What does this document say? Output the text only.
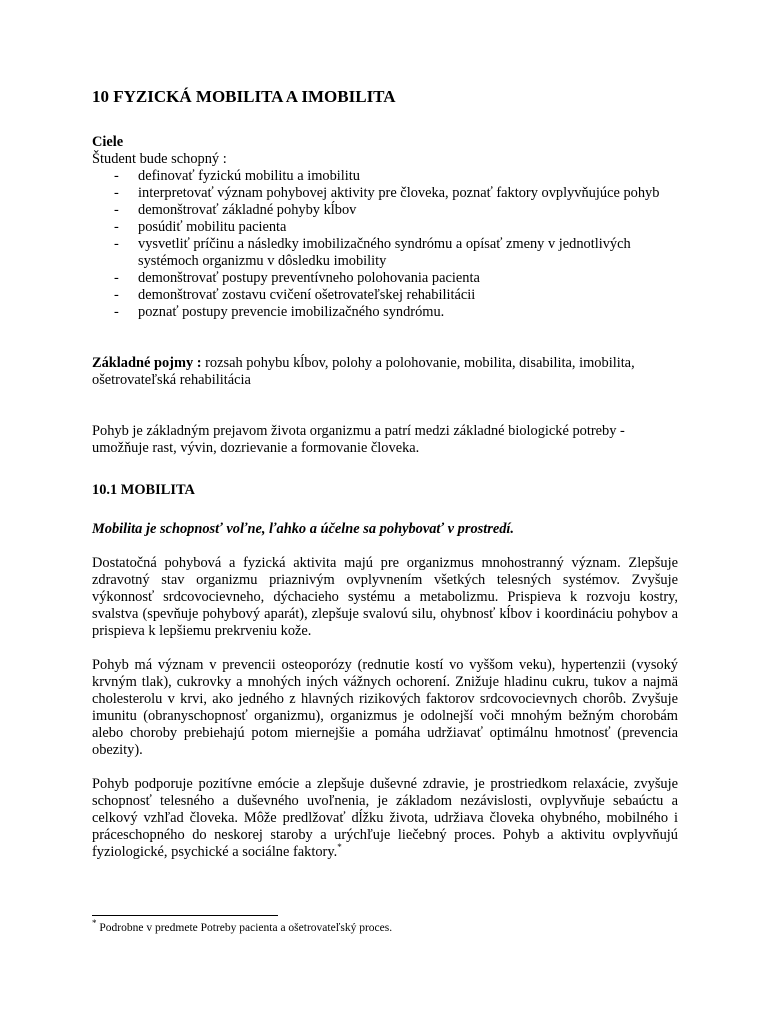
10 FYZICKÁ MOBILITA A IMOBILITA
Ciele
Študent bude schopný :
- definovať fyzickú mobilitu a imobilitu
- interpretovať význam pohybovej aktivity pre človeka, poznať faktory ovplyvňujúce pohyb
- demonštrovať základné pohyby kĺbov
- posúdiť mobilitu pacienta
- vysvetliť príčinu a následky imobilizačného syndrómu a opísať zmeny v jednotlivých systémoch organizmu v dôsledku imobility
- demonštrovať postupy preventívneho polohovania pacienta
- demonštrovať zostavu cvičení ošetrovateľskej rehabilitácii
- poznať postupy prevencie imobilizačného syndrómu.

Základné pojmy : rozsah pohybu kĺbov, polohy a polohovanie, mobilita, disabilita, imobilita, ošetrovateľská rehabilitácia

Pohyb je základným prejavom života organizmu a patrí medzi základné biologické potreby - umožňuje rast, vývin, dozrievanie a formovanie človeka.

10.1 MOBILITA

Mobilita je schopnosť voľne, ľahko a účelne sa pohybovať v prostredí.

Dostatočná pohybová a fyzická aktivita majú pre organizmus mnohostranný význam. Zlepšuje zdravotný stav organizmu priaznivým ovplyvnením všetkých telesných systémov. Zvyšuje výkonnosť srdcovocievneho, dýchacieho systému a metabolizmu. Prispieva k rozvoju kostry, svalstva (spevňuje pohybový aparát), zlepšuje svalovú silu, ohybnosť kĺbov i koordináciu pohybov a prispieva k lepšiemu prekrveniu kože.

Pohyb má význam v prevencii osteoporózy (rednutie kostí vo vyššom veku), hypertenzii (vysoký krvným tlak), cukrovky a mnohých iných vážnych ochorení. Znižuje hladinu cukru, tukov a najmä cholesterolu v krvi, ako jedného z hlavných rizikových faktorov srdcovocievnych chorôb. Zvyšuje imunitu (obranyschopnosť organizmu), organizmus je odolnejší voči mnohým bežným chorobám alebo choroby prebiehajú potom miernejšie a pomáha udržiavať optimálnu hmotnosť (prevencia obezity).

Pohyb podporuje pozitívne emócie a zlepšuje duševné zdravie, je prostriedkom relaxácie, zvyšuje schopnosť telesného a duševného uvoľnenia, je základom nezávislosti, ovplyvňuje sebaúctu a celkový vzhľad človeka. Môže predlžovať dĺžku života, udržiava človeka ohybného, mobilného i práceschopného do neskorej staroby a urýchľuje liečebný proces. Pohyb a aktivitu ovplyvňujú fyziologické, psychické a sociálne faktory.*

* Podrobne v predmete Potreby pacienta a ošetrovateľský proces.
